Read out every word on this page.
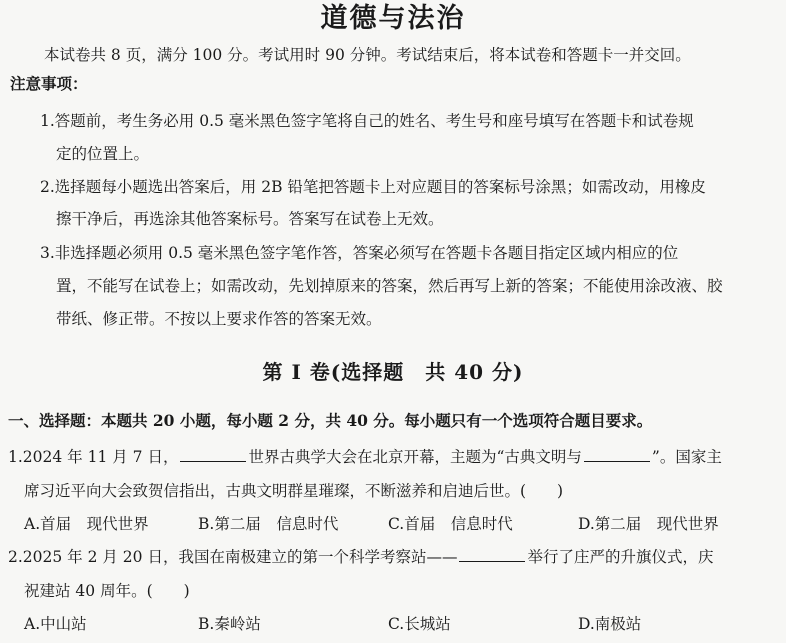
道德与法治
本试卷共 8 页，满分 100 分。考试用时 90 分钟。考试结束后，将本试卷和答题卡一并交回。
注意事项：
1.答题前，考生务必用 0.5 毫米黑色签字笔将自己的姓名、考生号和座号填写在答题卡和试卷规
定的位置上。
2.选择题每小题选出答案后，用 2B 铅笔把答题卡上对应题目的答案标号涂黑；如需改动，用橡皮
擦干净后，再选涂其他答案标号。答案写在试卷上无效。
3.非选择题必须用 0.5 毫米黑色签字笔作答，答案必须写在答题卡各题目指定区域内相应的位
置，不能写在试卷上；如需改动，先划掉原来的答案，然后再写上新的答案；不能使用涂改液、胶
带纸、修正带。不按以上要求作答的答案无效。
第 Ⅰ 卷(选择题　共 40 分)
一、选择题：本题共 20 小题，每小题 2 分，共 40 分。每小题只有一个选项符合题目要求。
1.2024 年 11 月 7 日，	世界古典学大会在北京开幕，主题为“古典文明与	”。国家主
席习近平向大会致贺信指出，古典文明群星璀璨，不断滋养和启迪后世。(　　)
A.首届　现代世界	B.第二届　信息时代	C.首届　信息时代	D.第二届　现代世界
2.2025 年 2 月 20 日，我国在南极建立的第一个科学考察站——	举行了庄严的升旗仪式，庆
祝建站 40 周年。(　　)
A.中山站	B.秦岭站	C.长城站	D.南极站
